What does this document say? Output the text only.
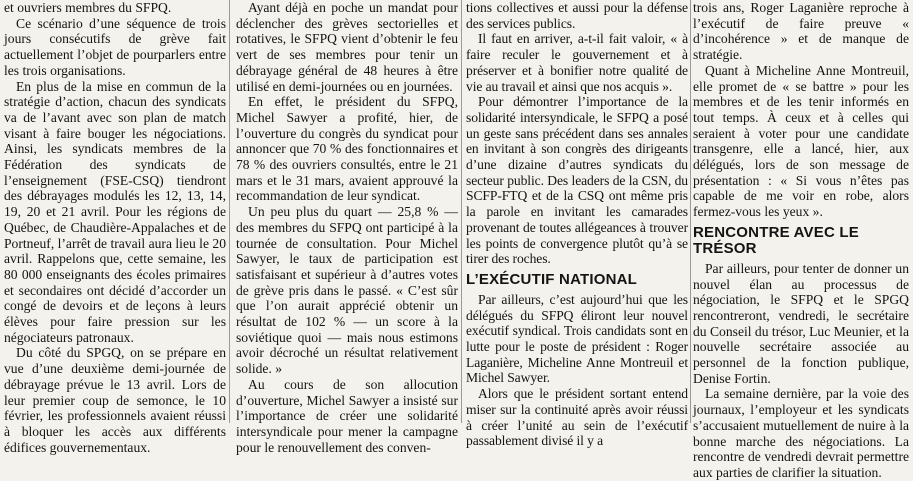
et ouvriers membres du SFPQ.

Ce scénario d’une séquence de trois jours consécutifs de grève fait actuellement l’objet de pourparlers entre les trois organisations.

En plus de la mise en commun de la stratégie d’action, chacun des syndicats va de l’avant avec son plan de match visant à faire bouger les négociations. Ainsi, les syndicats membres de la Fédération des syndicats de l’enseignement (FSE-CSQ) tiendront des débrayages modulés les 12, 13, 14, 19, 20 et 21 avril. Pour les régions de Québec, de Chaudière-Appalaches et de Portneuf, l’arrêt de travail aura lieu le 20 avril. Rappelons que, cette semaine, les 80 000 enseignants des écoles primaires et secondaires ont décidé d’accorder un congé de devoirs et de leçons à leurs élèves pour faire pression sur les négociateurs patronaux.

Du côté du SPGQ, on se prépare en vue d’une deuxième demi-journée de débrayage prévue le 13 avril. Lors de leur premier coup de semonce, le 10 février, les professionnels avaient réussi à bloquer les accès aux différents édifices gouvernementaux.

Ayant déjà en poche un mandat pour déclencher des grèves sectorielles et rotatives, le SFPQ vient d’obtenir le feu vert de ses membres pour tenir un débrayage général de 48 heures à être utilisé en demi-journées ou en journées.

En effet, le président du SFPQ, Michel Sawyer a profité, hier, de l’ouverture du congrès du syndicat pour annoncer que 70 % des fonctionnaires et 78 % des ouvriers consultés, entre le 21 mars et le 31 mars, avaient approuvé la recommandation de leur syndicat.

Un peu plus du quart — 25,8 % — des membres du SFPQ ont participé à la tournée de consultation. Pour Michel Sawyer, le taux de participation est satisfaisant et supérieur à d’autres votes de grève pris dans le passé. « C’est sûr que l’on aurait apprécié obtenir un résultat de 102 % — un score à la soviétique quoi — mais nous estimons avoir décroché un résultat relativement solide. »

Au cours de son allocution d’ouverture, Michel Sawyer a insisté sur l’importance de créer une solidarité intersyndicale pour mener la campagne pour le renouvellement des conven-

tions collectives et aussi pour la défense des services publics.

Il faut en arriver, a-t-il fait valoir, « à faire reculer le gouvernement et à préserver et à bonifier notre qualité de vie au travail et ainsi que nos acquis ».

Pour démontrer l’importance de la solidarité intersyndicale, le SFPQ a posé un geste sans précédent dans ses annales en invitant à son congrès des dirigeants d’une dizaine d’autres syndicats du secteur public. Des leaders de la CSN, du SCFP-FTQ et de la CSQ ont même pris la parole en invitant les camarades provenant de toutes allégeances à trouver les points de convergence plutôt qu’à se tirer des roches.

L’EXÉCUTIF NATIONAL

Par ailleurs, c’est aujourd’hui que les délégués du SFPQ éliront leur nouvel exécutif syndical. Trois candidats sont en lutte pour le poste de président : Roger Laganière, Micheline Anne Montreuil et Michel Sawyer.

Alors que le président sortant entend miser sur la continuité après avoir réussi à créer l’unité au sein de l’exécutif passablement divisé il y a

trois ans, Roger Laganière reproche à l’exécutif de faire preuve « d’incohérence » et de manque de stratégie.

Quant à Micheline Anne Montreuil, elle promet de « se battre » pour les membres et de les tenir informés en tout temps. À ceux et à celles qui seraient à voter pour une candidate transgenre, elle a lancé, hier, aux délégués, lors de son message de présentation : « Si vous n’êtes pas capable de me voir en robe, alors fermez-vous les yeux ».

RENCONTRE AVEC LE TRÉSOR

Par ailleurs, pour tenter de donner un nouvel élan au processus de négociation, le SFPQ et le SPGQ rencontreront, vendredi, le secrétaire du Conseil du trésor, Luc Meunier, et la nouvelle secrétaire associée au personnel de la fonction publique, Denise Fortin.

La semaine dernière, par la voie des journaux, l’employeur et les syndicats s’accusaient mutuellement de nuire à la bonne marche des négociations. La rencontre de vendredi devrait permettre aux parties de clarifier la situation.
